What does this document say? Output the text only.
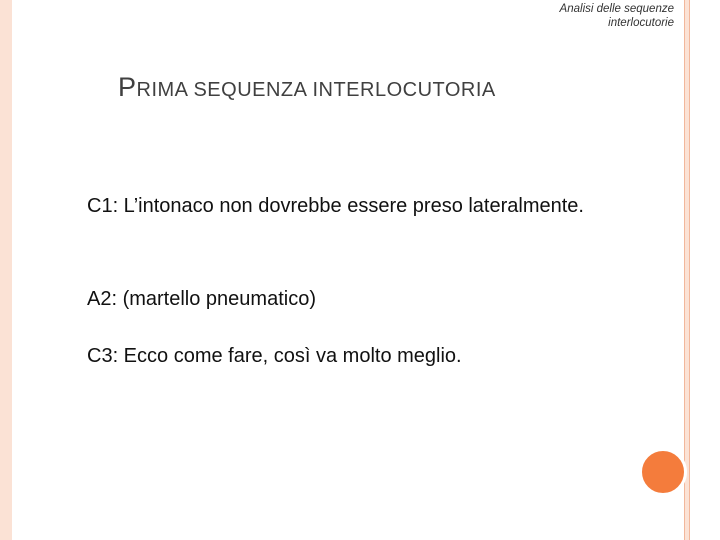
Analisi delle sequenze
interlocutorie
PRIMA SEQUENZA INTERLOCUTORIA
C1: L’intonaco non dovrebbe essere preso lateralmente.
A2: (martello pneumatico)
C3: Ecco come fare, così va molto meglio.
